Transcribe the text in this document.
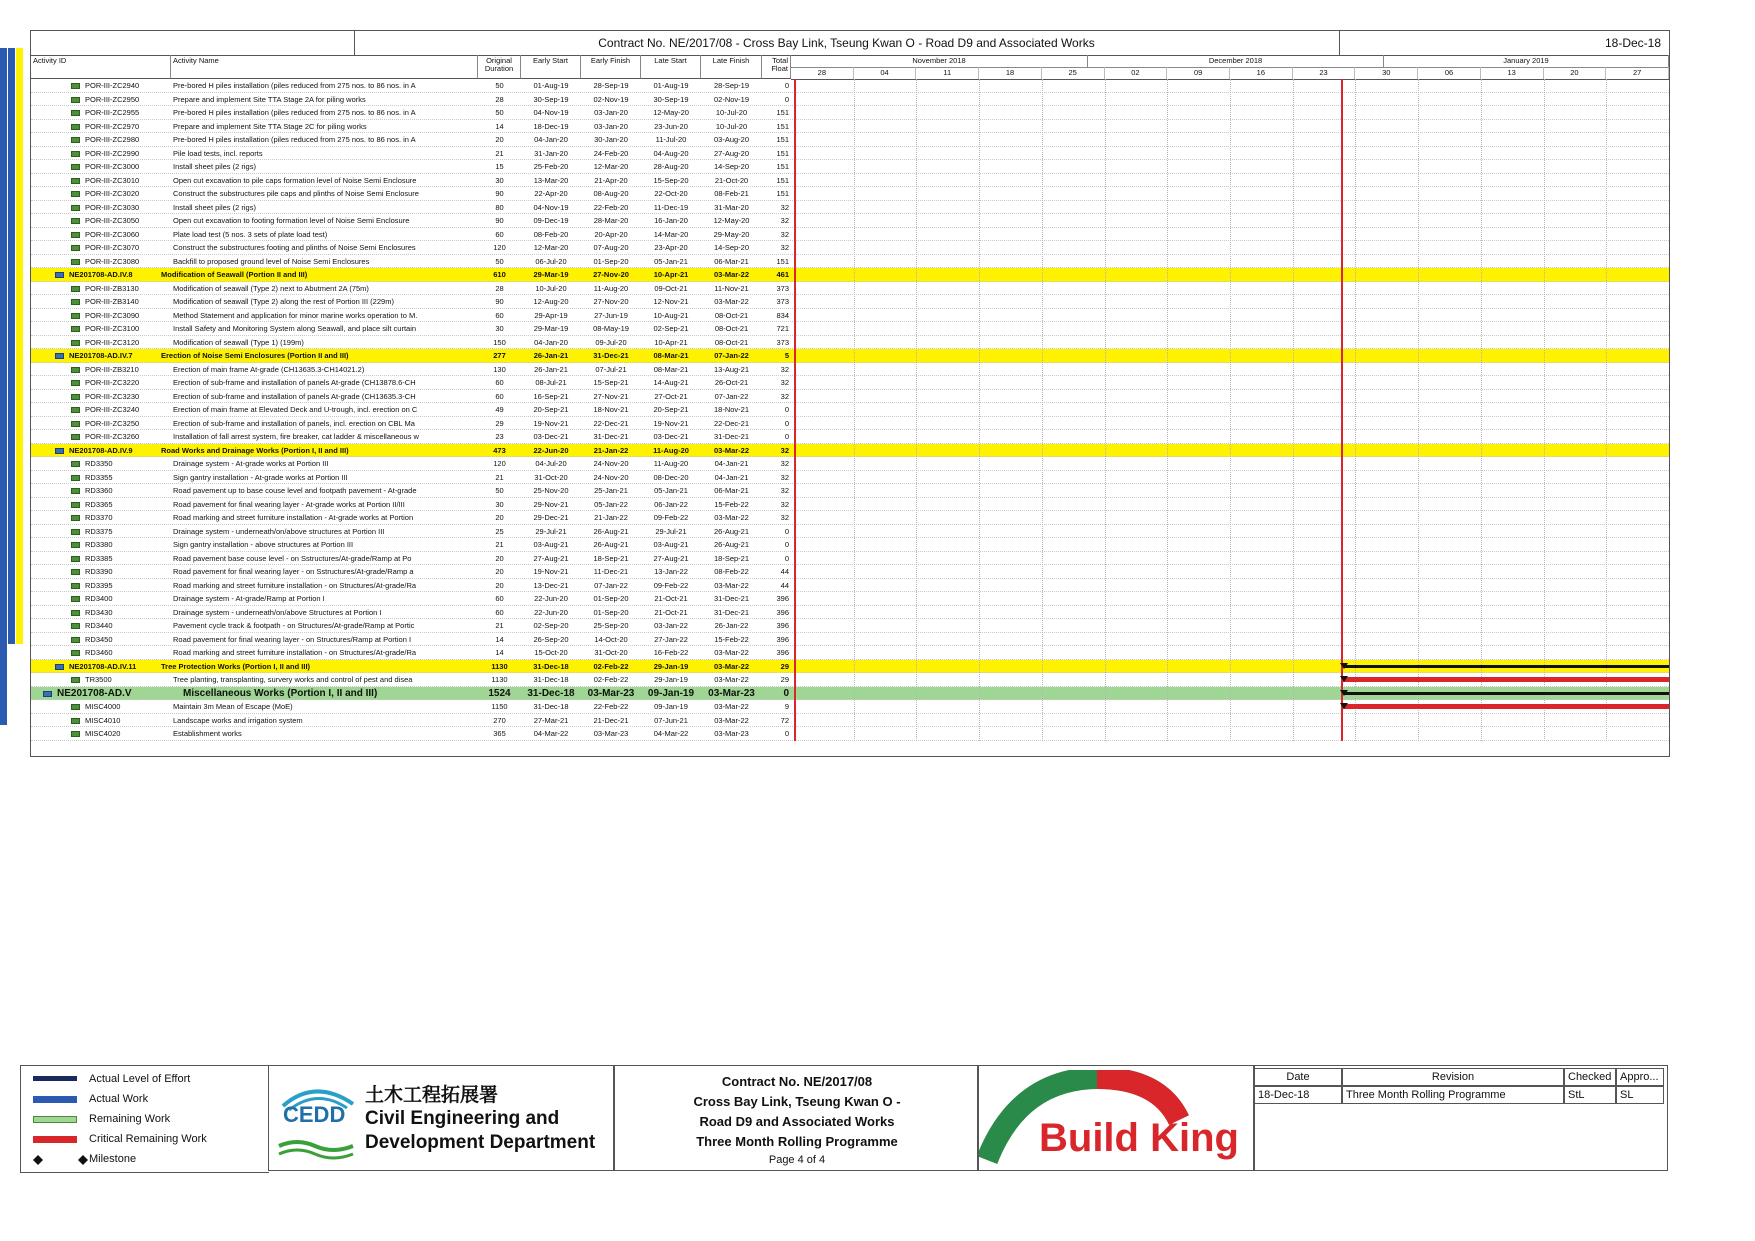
Contract No. NE/2017/08 - Cross Bay Link, Tseung Kwan O - Road D9 and Associated Works	18-Dec-18
Activity ID	Activity Name	Original Duration
Early Start	Early Finish	Late Start	Late Finish	Total Float
November 2018	December 2018	January 2019
28	04	11	18	25	02	09	16	23	30	06	13	20	27
POR-III-ZC2940	Pre-bored H piles installation (piles reduced from 275 nos. to 86 nos. in A	50	01-Aug-19	28-Sep-19	01-Aug-19	28-Sep-19	0
POR-III-ZC2950	Prepare and implement Site TTA Stage 2A for piling works	28	30-Sep-19	02-Nov-19	30-Sep-19	02-Nov-19	0
POR-III-ZC2955	Pre-bored H piles installation (piles reduced from 275 nos. to 86 nos. in A	50	04-Nov-19	03-Jan-20	12-May-20	10-Jul-20	151
POR-III-ZC2970	Prepare and implement Site TTA Stage 2C for piling works	14	18-Dec-19	03-Jan-20	23-Jun-20	10-Jul-20	151
POR-III-ZC2980	Pre-bored H piles installation (piles reduced from 275 nos. to 86 nos. in A	20	04-Jan-20	30-Jan-20	11-Jul-20	03-Aug-20	151
POR-III-ZC2990	Pile load tests, incl. reports	21	31-Jan-20	24-Feb-20	04-Aug-20	27-Aug-20	151
POR-III-ZC3000	Install sheet piles (2 rigs)	15	25-Feb-20	12-Mar-20	28-Aug-20	14-Sep-20	151
POR-III-ZC3010	Open cut excavation to pile caps formation level of Noise Semi Enclosure	30	13-Mar-20	21-Apr-20	15-Sep-20	21-Oct-20	151
POR-III-ZC3020	Construct the substructures pile caps and plinths of Noise Semi Enclosure	90	22-Apr-20	08-Aug-20	22-Oct-20	08-Feb-21	151
POR-III-ZC3030	Install sheet piles (2 rigs)	80	04-Nov-19	22-Feb-20	11-Dec-19	31-Mar-20	32
POR-III-ZC3050	Open cut excavation to footing formation level of Noise Semi Enclosure	90	09-Dec-19	28-Mar-20	16-Jan-20	12-May-20	32
POR-III-ZC3060	Plate load test (5 nos. 3 sets of plate load test)	60	08-Feb-20	20-Apr-20	14-Mar-20	29-May-20	32
POR-III-ZC3070	Construct the substructures footing and plinths of Noise Semi Enclosures	120	12-Mar-20	07-Aug-20	23-Apr-20	14-Sep-20	32
POR-III-ZC3080	Backfill to proposed ground level of Noise Semi Enclosures	50	06-Jul-20	01-Sep-20	05-Jan-21	06-Mar-21	151
NE201708-AD.IV.8	Modification of Seawall (Portion II and III)	610	29-Mar-19	27-Nov-20	10-Apr-21	03-Mar-22	461
POR-III-ZB3130	Modification of seawall (Type 2) next to Abutment 2A (75m)	28	10-Jul-20	11-Aug-20	09-Oct-21	11-Nov-21	373
POR-III-ZB3140	Modification of seawall (Type 2) along the rest of Portion III (229m)	90	12-Aug-20	27-Nov-20	12-Nov-21	03-Mar-22	373
POR-III-ZC3090	Method Statement and application for minor marine works operation to M.	60	29-Apr-19	27-Jun-19	10-Aug-21	08-Oct-21	834
POR-III-ZC3100	Install Safety and Monitoring System along Seawall, and place silt curtain	30	29-Mar-19	08-May-19	02-Sep-21	08-Oct-21	721
POR-III-ZC3120	Modification of seawall (Type 1) (199m)	150	04-Jan-20	09-Jul-20	10-Apr-21	08-Oct-21	373
NE201708-AD.IV.7	Erection of Noise Semi Enclosures (Portion II and III)	277	26-Jan-21	31-Dec-21	08-Mar-21	07-Jan-22	5
POR-III-ZB3210	Erection of main frame At-grade (CH13635.3-CH14021.2)	130	26-Jan-21	07-Jul-21	08-Mar-21	13-Aug-21	32
POR-III-ZC3220	Erection of sub-frame and installation of panels At-grade (CH13878.6-CH	60	08-Jul-21	15-Sep-21	14-Aug-21	26-Oct-21	32
POR-III-ZC3230	Erection of sub-frame and installation of panels At-grade (CH13635.3-CH	60	16-Sep-21	27-Nov-21	27-Oct-21	07-Jan-22	32
POR-III-ZC3240	Erection of main frame at Elevated Deck and U-trough, incl. erection on C	49	20-Sep-21	18-Nov-21	20-Sep-21	18-Nov-21	0
POR-III-ZC3250	Erection of sub-frame and installation of panels, incl. erection on CBL Ma	29	19-Nov-21	22-Dec-21	19-Nov-21	22-Dec-21	0
POR-III-ZC3260	Installation of fall arrest system, fire breaker, cat ladder & miscellaneous w	23	03-Dec-21	31-Dec-21	03-Dec-21	31-Dec-21	0
NE201708-AD.IV.9	Road Works and Drainage Works (Portion I, II and III)	473	22-Jun-20	21-Jan-22	11-Aug-20	03-Mar-22	32
RD3350	Drainage system - At-grade works at Portion III	120	04-Jul-20	24-Nov-20	11-Aug-20	04-Jan-21	32
RD3355	Sign gantry installation - At-grade works at Portion III	21	31-Oct-20	24-Nov-20	08-Dec-20	04-Jan-21	32
RD3360	Road pavement up to base couse level and footpath pavement - At-grade	50	25-Nov-20	25-Jan-21	05-Jan-21	06-Mar-21	32
RD3365	Road pavement for final wearing layer - At-grade works at Portion II/III	30	29-Nov-21	05-Jan-22	06-Jan-22	15-Feb-22	32
RD3370	Road marking and street furniture installation - At-grade works at Portion	20	29-Dec-21	21-Jan-22	09-Feb-22	03-Mar-22	32
RD3375	Drainage system - underneath/on/above structures at Portion III	25	29-Jul-21	26-Aug-21	29-Jul-21	26-Aug-21	0
RD3380	Sign gantry installation - above structures at Portion III	21	03-Aug-21	26-Aug-21	03-Aug-21	26-Aug-21	0
RD3385	Road pavement base couse level - on Sstructures/At-grade/Ramp at Po	20	27-Aug-21	18-Sep-21	27-Aug-21	18-Sep-21	0
RD3390	Road pavement for final wearing layer - on Sstructures/At-grade/Ramp a	20	19-Nov-21	11-Dec-21	13-Jan-22	08-Feb-22	44
RD3395	Road marking and street furniture installation - on Structures/At-grade/Ra	20	13-Dec-21	07-Jan-22	09-Feb-22	03-Mar-22	44
RD3400	Drainage system - At-grade/Ramp at Portion I	60	22-Jun-20	01-Sep-20	21-Oct-21	31-Dec-21	396
RD3430	Drainage system - underneath/on/above Structures at Portion I	60	22-Jun-20	01-Sep-20	21-Oct-21	31-Dec-21	396
RD3440	Pavement cycle track & footpath - on Structures/At-grade/Ramp at Portic	21	02-Sep-20	25-Sep-20	03-Jan-22	26-Jan-22	396
RD3450	Road pavement for final wearing layer - on Structures/Ramp at Portion I	14	26-Sep-20	14-Oct-20	27-Jan-22	15-Feb-22	396
RD3460	Road marking and street furniture installation - on Structures/At-grade/Ra	14	15-Oct-20	31-Oct-20	16-Feb-22	03-Mar-22	396
NE201708-AD.IV.11	Tree Protection Works (Portion I, II and III)	1130	31-Dec-18	02-Feb-22	29-Jan-19	03-Mar-22	29
TR3500	Tree planting, transplanting, survery works and control of pest and disea	1130	31-Dec-18	02-Feb-22	29-Jan-19	03-Mar-22	29
NE201708-AD.V	Miscellaneous Works (Portion I, II and III)	1524	31-Dec-18	03-Mar-23	09-Jan-19	03-Mar-23	0
MISC4000	Maintain 3m Mean of Escape (MoE)	1150	31-Dec-18	22-Feb-22	09-Jan-19	03-Mar-22	9
MISC4010	Landscape works and irrigation system	270	27-Mar-21	21-Dec-21	07-Jun-21	03-Mar-22	72
MISC4020	Establishment works	365	04-Mar-22	03-Mar-23	04-Mar-22	03-Mar-23	0
Actual Level of Effort
Actual Work
Remaining Work
Critical Remaining Work
Milestone
CEDD
土木工程拓展署
Civil Engineering and
Development Department
Contract No. NE/2017/08
Cross Bay Link, Tseung Kwan O -
Road D9 and Associated Works
Three Month Rolling Programme
Page 4 of 4	Build King
Date	Revision	Checked Appro...
18-Dec-18	Three Month Rolling Programme	StL	SL
